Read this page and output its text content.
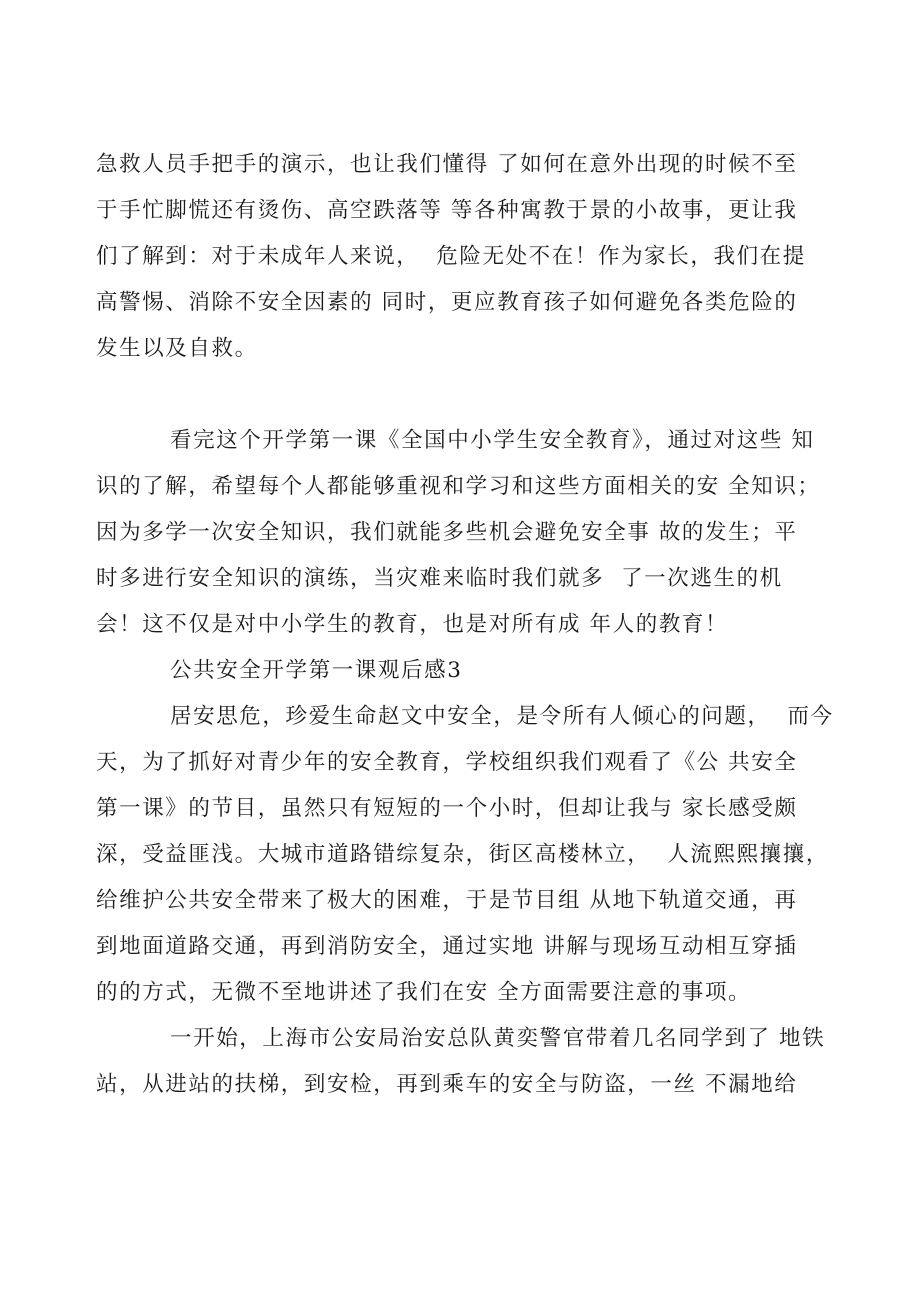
急救人员手把手的演示，也让我们懂得 了如何在意外出现的时候不至
于手忙脚慌还有烫伤、高空跌落等 等各种寓教于景的小故事，更让我
们了解到：对于未成年人来说，  危险无处不在！作为家长，我们在提
高警惕、消除不安全因素的 同时，更应教育孩子如何避免各类危险的
发生以及自救。
看完这个开学第一课《全国中小学生安全教育》，通过对这些 知
识的了解，希望每个人都能够重视和学习和这些方面相关的安 全知识；
因为多学一次安全知识，我们就能多些机会避免安全事 故的发生；平
时多进行安全知识的演练，当灾难来临时我们就多  了一次逃生的机
会！这不仅是对中小学生的教育，也是对所有成 年人的教育！
公共安全开学第一课观后感3
居安思危，珍爱生命赵文中安全，是令所有人倾心的问题，  而今
天，为了抓好对青少年的安全教育，学校组织我们观看了《公 共安全
第一课》的节目，虽然只有短短的一个小时，但却让我与 家长感受颇
深，受益匪浅。大城市道路错综复杂，街区高楼林立，  人流熙熙攘攘，
给维护公共安全带来了极大的困难，于是节目组 从地下轨道交通，再
到地面道路交通，再到消防安全，通过实地 讲解与现场互动相互穿插
的的方式，无微不至地讲述了我们在安 全方面需要注意的事项。
一开始，上海市公安局治安总队黄奕警官带着几名同学到了 地铁
站，从进站的扶梯，到安检，再到乘车的安全与防盗，一丝 不漏地给
